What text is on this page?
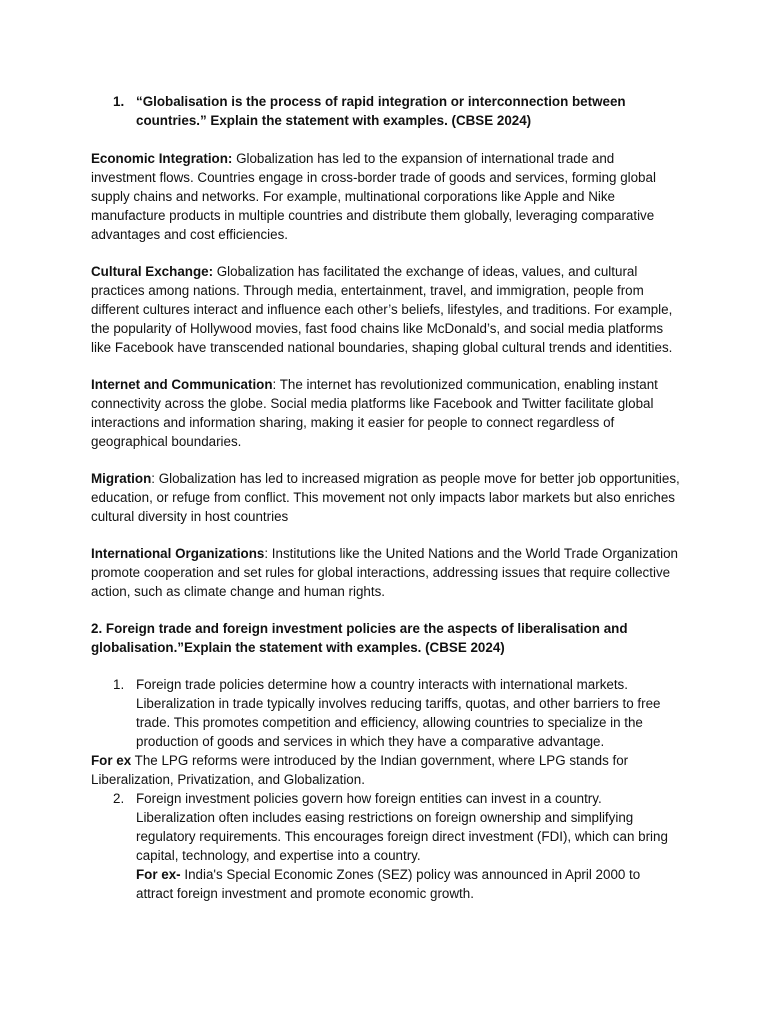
1. “Globalisation is the process of rapid integration or interconnection between countries.” Explain the statement with examples. (CBSE 2024)
Economic Integration: Globalization has led to the expansion of international trade and investment flows. Countries engage in cross-border trade of goods and services, forming global supply chains and networks. For example, multinational corporations like Apple and Nike manufacture products in multiple countries and distribute them globally, leveraging comparative advantages and cost efficiencies.
Cultural Exchange: Globalization has facilitated the exchange of ideas, values, and cultural practices among nations. Through media, entertainment, travel, and immigration, people from different cultures interact and influence each other’s beliefs, lifestyles, and traditions. For example, the popularity of Hollywood movies, fast food chains like McDonald’s, and social media platforms like Facebook have transcended national boundaries, shaping global cultural trends and identities.
Internet and Communication: The internet has revolutionized communication, enabling instant connectivity across the globe. Social media platforms like Facebook and Twitter facilitate global interactions and information sharing, making it easier for people to connect regardless of geographical boundaries.
Migration: Globalization has led to increased migration as people move for better job opportunities, education, or refuge from conflict. This movement not only impacts labor markets but also enriches cultural diversity in host countries
International Organizations: Institutions like the United Nations and the World Trade Organization promote cooperation and set rules for global interactions, addressing issues that require collective action, such as climate change and human rights.
2. Foreign trade and foreign investment policies are the aspects of liberalisation and globalisation.”Explain the statement with examples. (CBSE 2024)
1. Foreign trade policies determine how a country interacts with international markets. Liberalization in trade typically involves reducing tariffs, quotas, and other barriers to free trade. This promotes competition and efficiency, allowing countries to specialize in the production of goods and services in which they have a comparative advantage.
For ex The LPG reforms were introduced by the Indian government, where LPG stands for Liberalization, Privatization, and Globalization.
2. Foreign investment policies govern how foreign entities can invest in a country. Liberalization often includes easing restrictions on foreign ownership and simplifying regulatory requirements. This encourages foreign direct investment (FDI), which can bring capital, technology, and expertise into a country.
For ex- India's Special Economic Zones (SEZ) policy was announced in April 2000 to attract foreign investment and promote economic growth.
